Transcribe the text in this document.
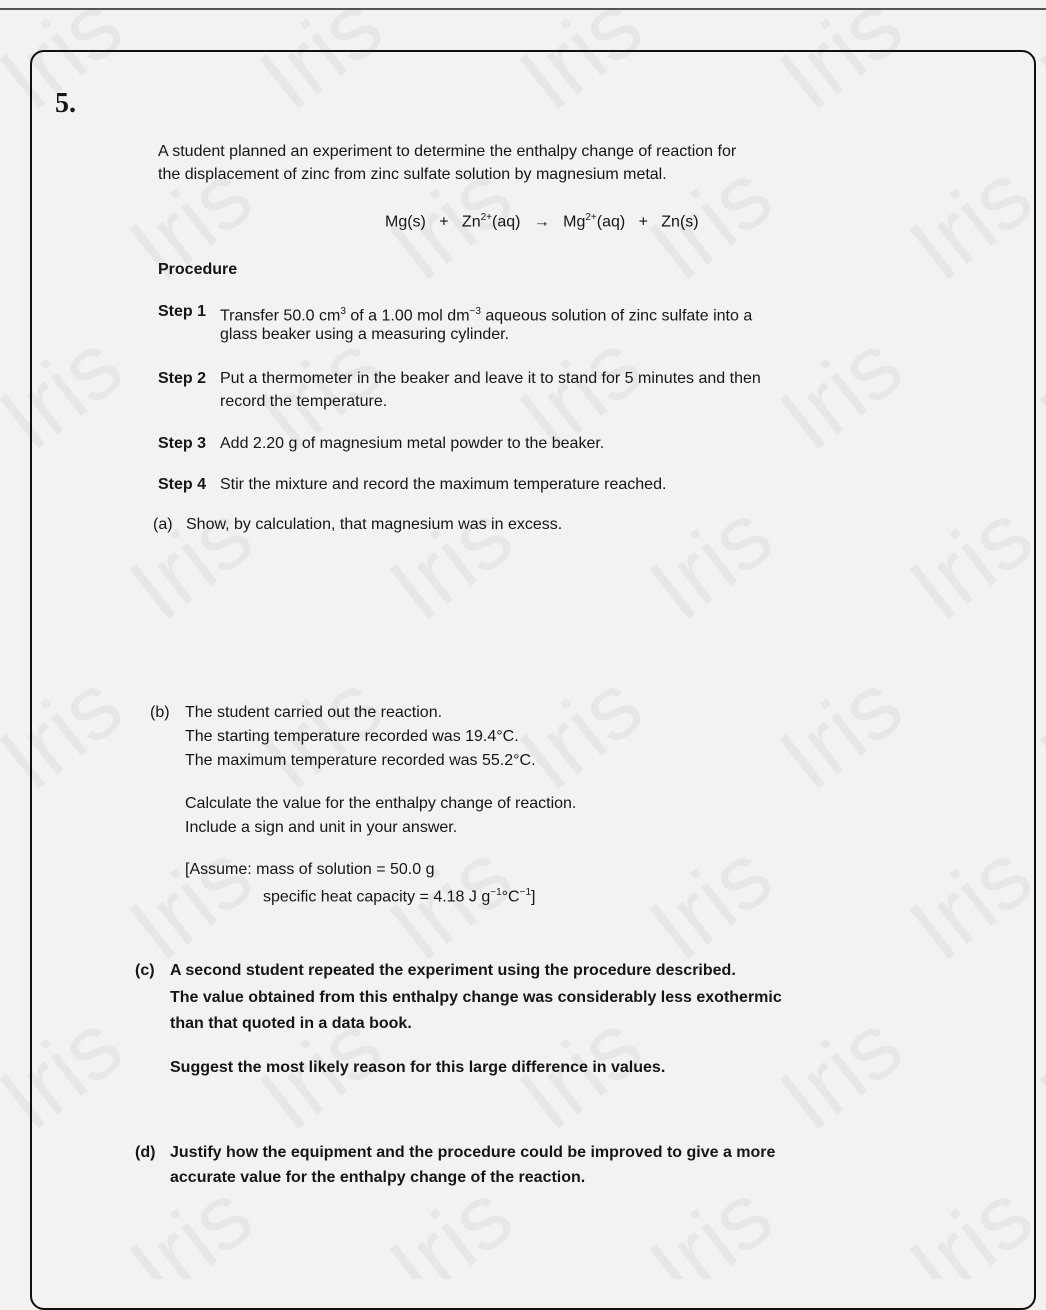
5.
A student planned an experiment to determine the enthalpy change of reaction for
the displacement of zinc from zinc sulfate solution by magnesium metal.
$Mg(s) + Zn^{2+}(aq) \to Mg^{2+}(aq) + Zn(s)$
Procedure
Step 1 Transfer 50.0 $cm^3$ of a 1.00 mol $dm^{-3}$ aqueous solution of zinc sulfate into a
glass beaker using a measuring cylinder.
Step 2 Put a thermometer in the beaker and leave it to stand for 5 minutes and then
record the temperature.
Step 3 Add 2.20 g of magnesium metal powder to the beaker.
Step 4 Stir the mixture and record the maximum temperature reached.
(a) Show, by calculation, that magnesium was in excess.
(b) The student carried out the reaction.
The starting temperature recorded was 19.4°C.
The maximum temperature recorded was 55.2°C.
Calculate the value for the enthalpy change of reaction.
Include a sign and unit in your answer.
[Assume: mass of solution = 50.0 g
specific heat capacity = 4.18 J $g^{-1}^\circ C^{-1}$]
(c) A second student repeated the experiment using the procedure described.
The value obtained from this enthalpy change was considerably less exothermic
than that quoted in a data book.
Suggest the most likely reason for this large difference in values.
(d) Justify how the equipment and the procedure could be improved to give a more
accurate value for the enthalpy change of the reaction.
